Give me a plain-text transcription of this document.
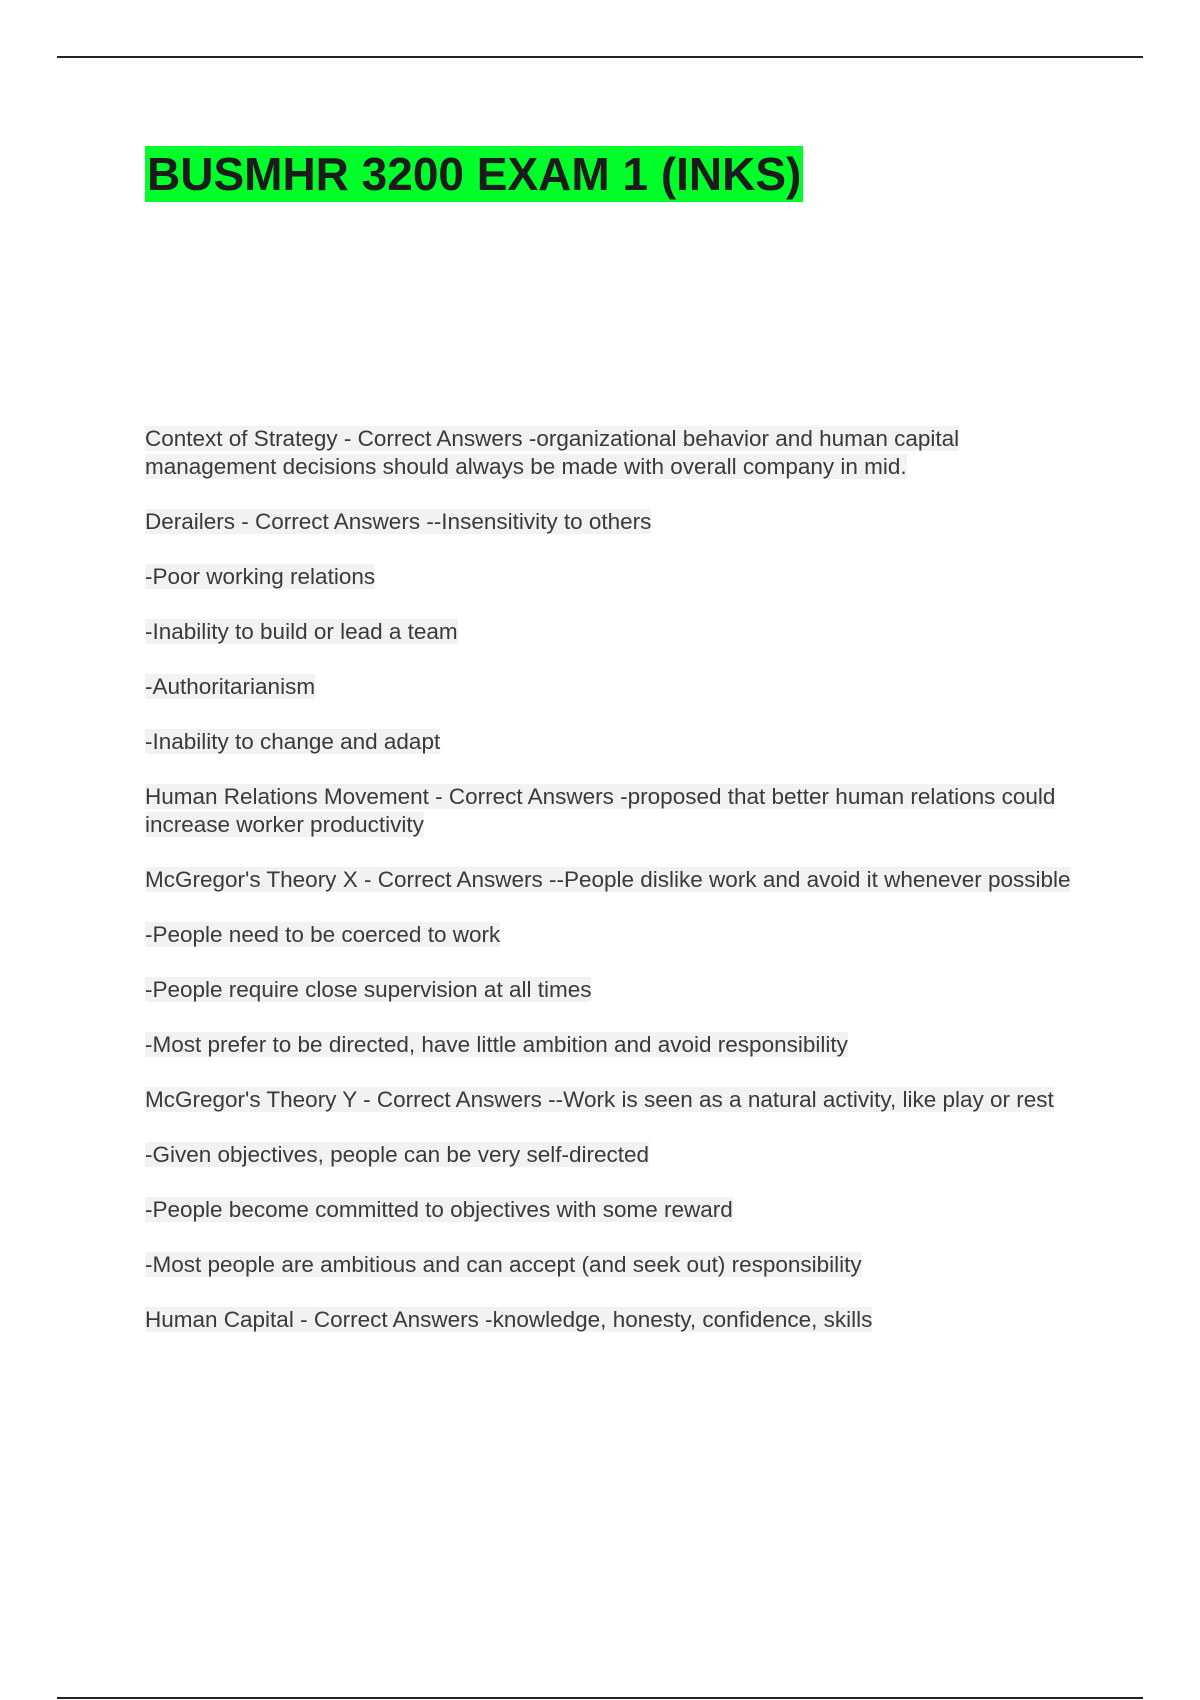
BUSMHR 3200 EXAM 1 (INKS)

Context of Strategy - Correct Answers -organizational behavior and human capital management decisions should always be made with overall company in mid.

Derailers - Correct Answers --Insensitivity to others

-Poor working relations

-Inability to build or lead a team

-Authoritarianism

-Inability to change and adapt

Human Relations Movement - Correct Answers -proposed that better human relations could increase worker productivity

McGregor's Theory X - Correct Answers --People dislike work and avoid it whenever possible

-People need to be coerced to work

-People require close supervision at all times

-Most prefer to be directed, have little ambition and avoid responsibility

McGregor's Theory Y - Correct Answers --Work is seen as a natural activity, like play or rest

-Given objectives, people can be very self-directed

-People become committed to objectives with some reward

-Most people are ambitious and can accept (and seek out) responsibility

Human Capital - Correct Answers -knowledge, honesty, confidence, skills
